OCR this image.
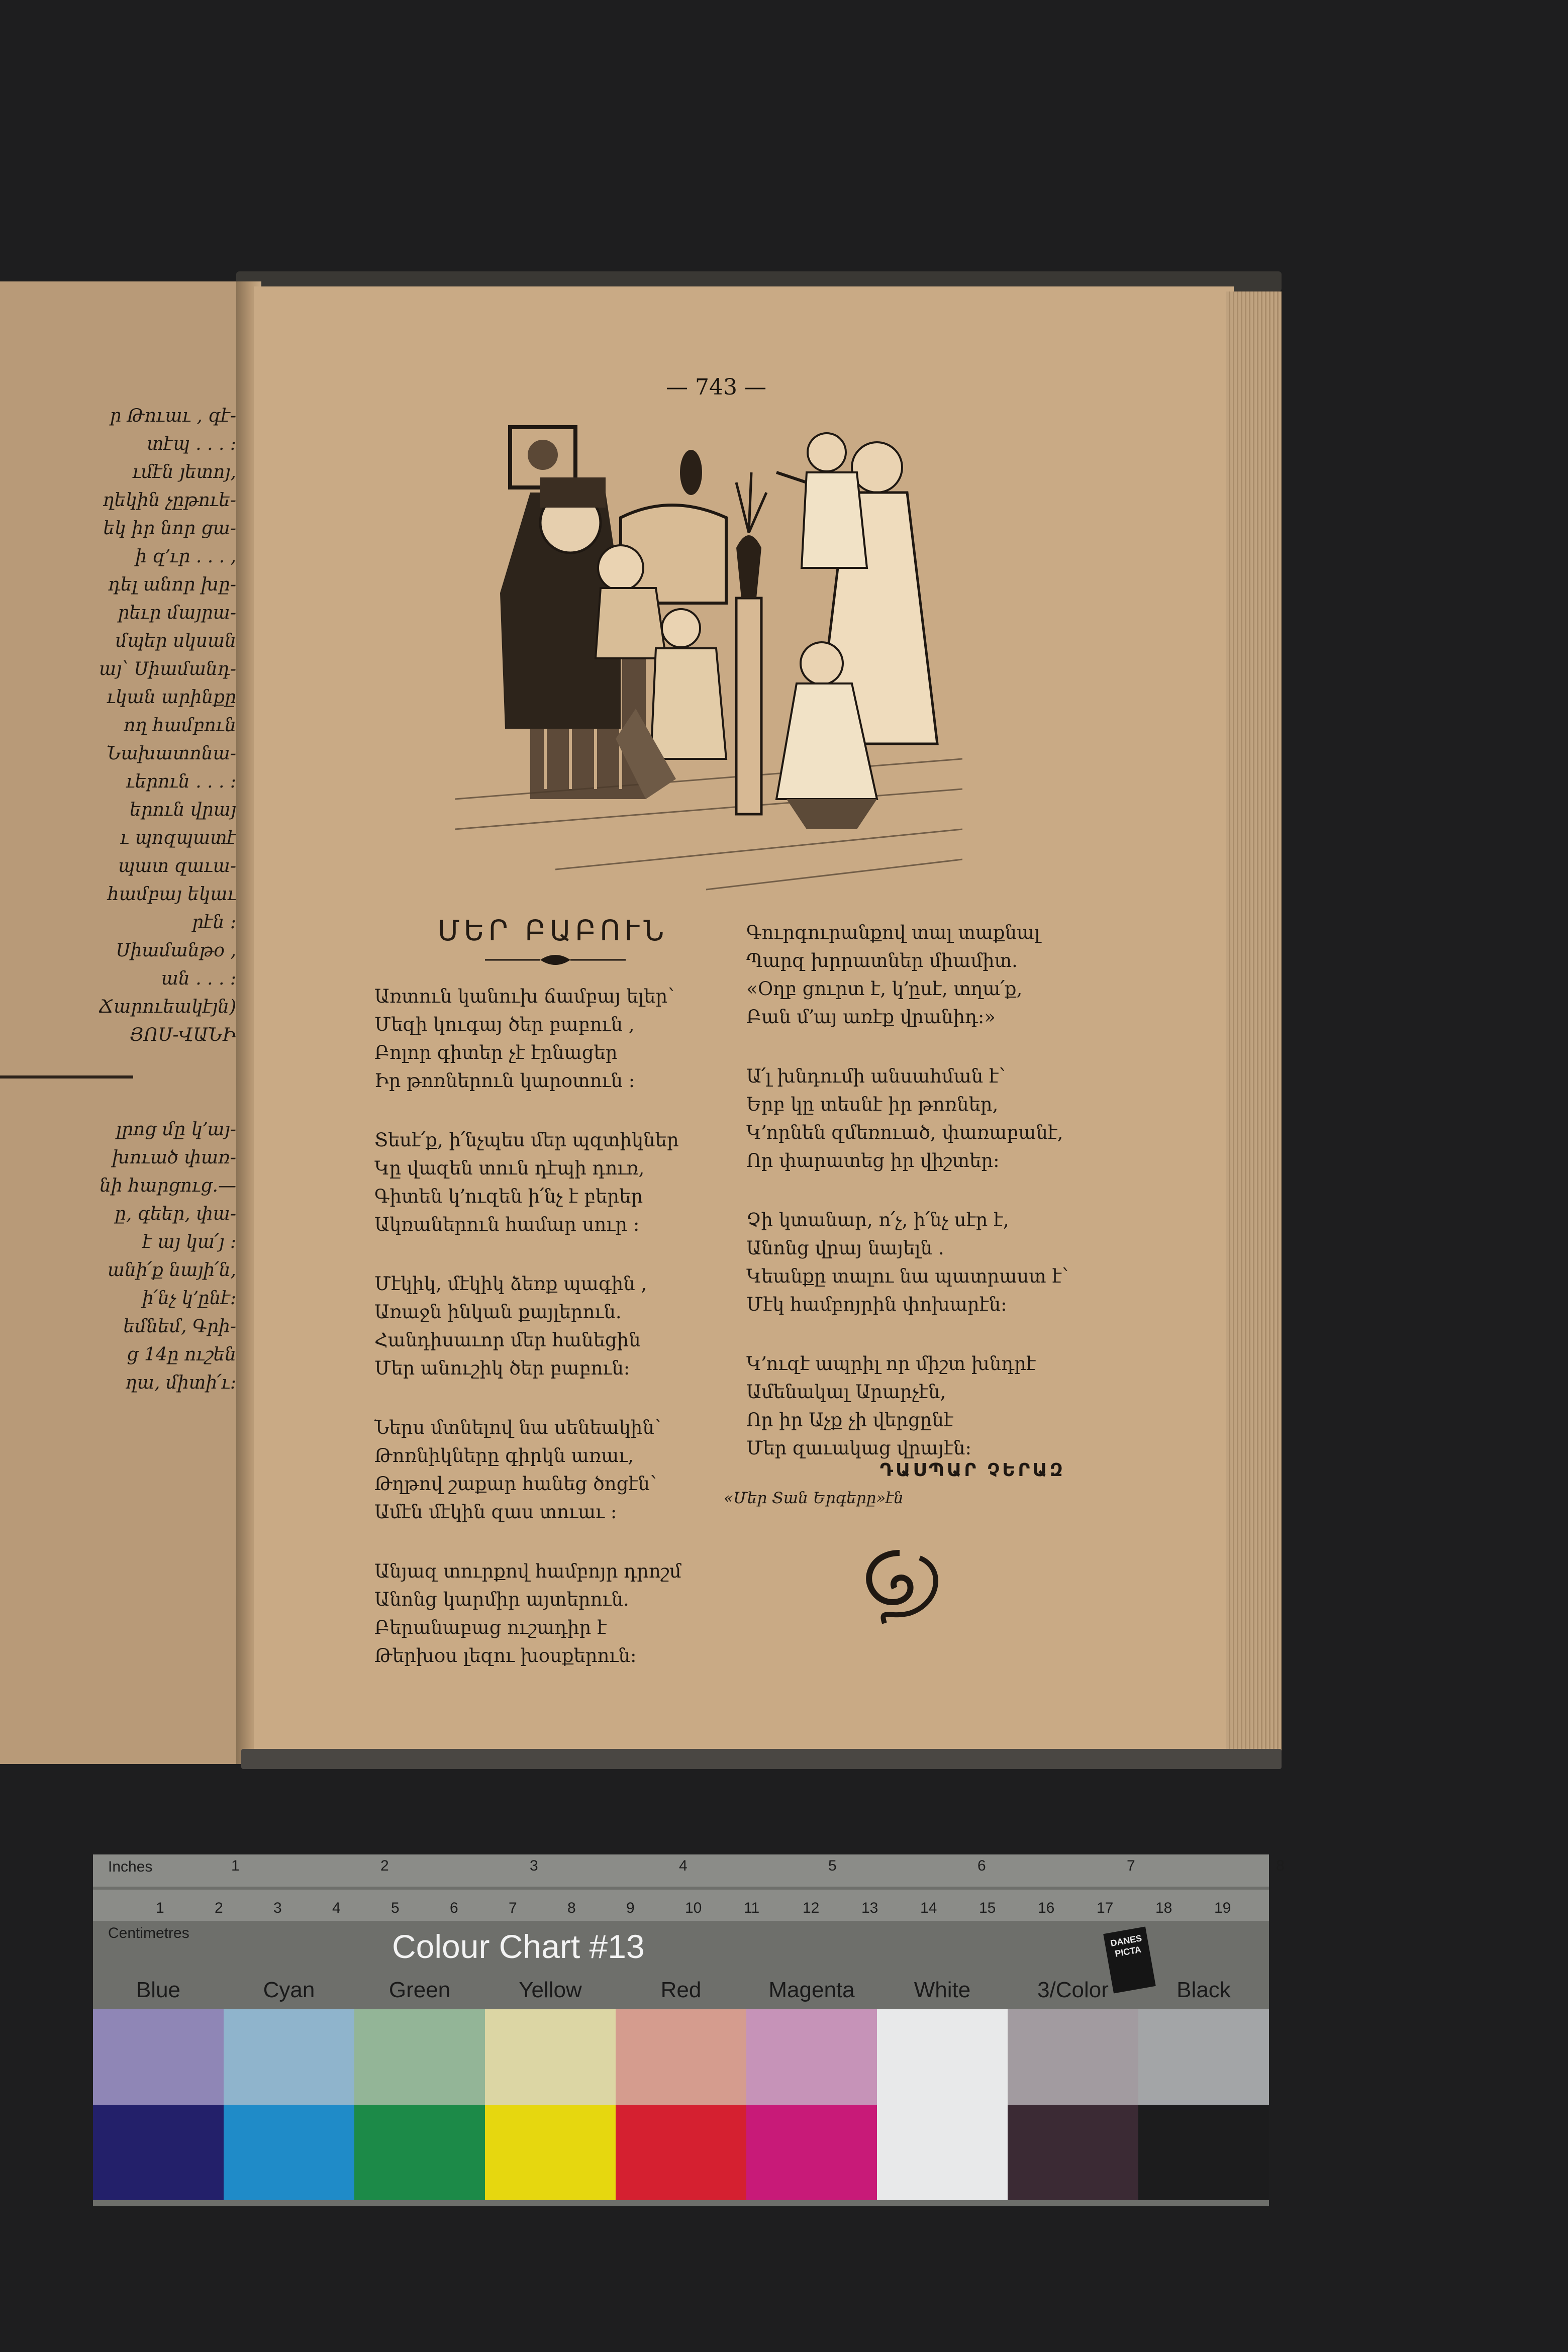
ր Թուաւ , գէ-
տէպ . . . :
ւմէն յետոյ,
ղեկին չըթուե-
եկ իր նոր ցա-
ի զ՚ւր . . . ,
դել անոր խը-
րեւր մայրա-
մպեր սկսան
այ՝ Սիամանդ-
ւկան արինքը
ող համբուն
Նախատոնա-
ւերուն . . . :
երուն վրայ
ւ պոզպատէ
պատ զաւա-
համբայ եկաւ
րէն :
Սիամանթօ ,
ան . . . :
Ճարուեակէյն)
ՅՈՍ-ՎԱՆԻ
լրոց մը կ՚այ-
խուած փառ-
նի հարցուց.—
ը, գեեր, փա-
է այ կա՛յ :
անի՛ք նայի՛ն,
ի՛նչ կ՚ընէ:
եմնեմ, Գրի-
ց 14ը ուշեն
ղա, միտի՛ւ:
— 743 —
ՄԵՐ ԲԱԲՈՒՆ
Առտուն կանուխ ճամբայ ելեր՝
Մեզի կուգայ ծեր բաբուն ,
Բոլոր գիտեր չէ էրնացեր
Իր թոռներուն կարօտուն :
Տեսէ՛ք, ի՛նչպես մեր պզտիկներ
Կը վազեն տուն դէպի դուռ,
Գիտեն կ՚ուզեն ի՛նչ է բերեր
Ակռաներուն համար սուր :
Մէկիկ, մէկիկ ձեռք պագին ,
Առաջն ինկան քայլերուն.
Հանդիսաւոր մեր հանեցին
Մեր անուշիկ ծեր բաբուն:
Ներս մտնելով նա սենեակին՝
Թոռնիկները գիրկն առաւ,
Թղթով շաքար հանեց ծոցէն՝
Ամէն մէկին զաս տուաւ :
Անյազ տուրքով համբոյր դրոշմ
Անոնց կարմիր այտերուն.
Բերանաբաց ուշադիր է
Թերխօս լեզու խօսքերուն:
Գուրգուրանքով տալ տաքնալ
Պարզ խրրատներ միամիտ.
«Օղբ ցուրտ է, կ՚ըսէ, տղա՛ք,
Բան մ՚այ առէք վրանիդ:»
Ա՛լ խնդումի անսահման է՝
Երբ կը տեսնէ իր թոռներ,
Կ՚որնեն զմեռուած, փառաբանէ,
Որ փարատեց իր վիշտեր:
Չի կտանար, ո՛չ, ի՛նչ սէր է,
Անոնց վրայ նայելն .
Կեանքը տալու նա պատրաստ է՝
Մէկ համբոյրին փոխարէն:
Կ՚ուզէ ապրիլ որ միշտ խնդրէ
Ամենակալ Արարչէն,
Որ իր Աչք չի վերցընէ
Մեր զաւակաց վրայէն:
ԴԱՍՊԱՐ ՉԵՐԱԶ
«Մեր Տան Երգերը»էն
Inches	1	2	3	4	5	6	7	8
1	2	3	4	5	6	7	8	9	10	11	12	13	14	15	16	17	18	19
Centimetres	Colour Chart #13	DANES
PICTA
Blue	Cyan	Green	Yellow	Red	Magenta	White	3/Color	Black
